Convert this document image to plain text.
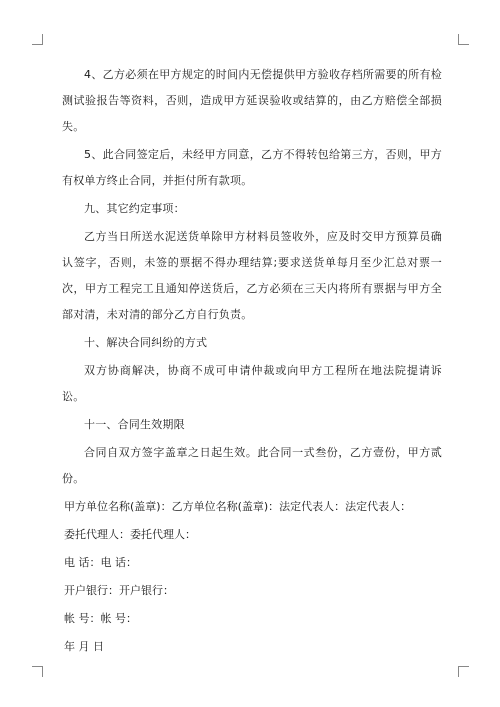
4、乙方必须在甲方规定的时间内无偿提供甲方验收存档所需要的所有检测试验报告等资料，否则，造成甲方延误验收或结算的，由乙方赔偿全部损失。

5、此合同签定后，未经甲方同意，乙方不得转包给第三方，否则，甲方有权单方终止合同，并拒付所有款项。

九、其它约定事项：

乙方当日所送水泥送货单除甲方材料员签收外，应及时交甲方预算员确认签字，否则，未签的票据不得办理结算;要求送货单每月至少汇总对票一次，甲方工程完工且通知停送货后，乙方必须在三天内将所有票据与甲方全部对清，未对清的部分乙方自行负责。

十、解决合同纠纷的方式

双方协商解决，协商不成可申请仲裁或向甲方工程所在地法院提请诉讼。

十一、合同生效期限

合同自双方签字盖章之日起生效。此合同一式叁份，乙方壹份，甲方贰份。

甲方单位名称(盖章)：乙方单位名称(盖章)：法定代表人：法定代表人：

委托代理人：委托代理人：

电 话：电 话：

开户银行：开户银行：

帐 号：帐 号：

年 月 日
